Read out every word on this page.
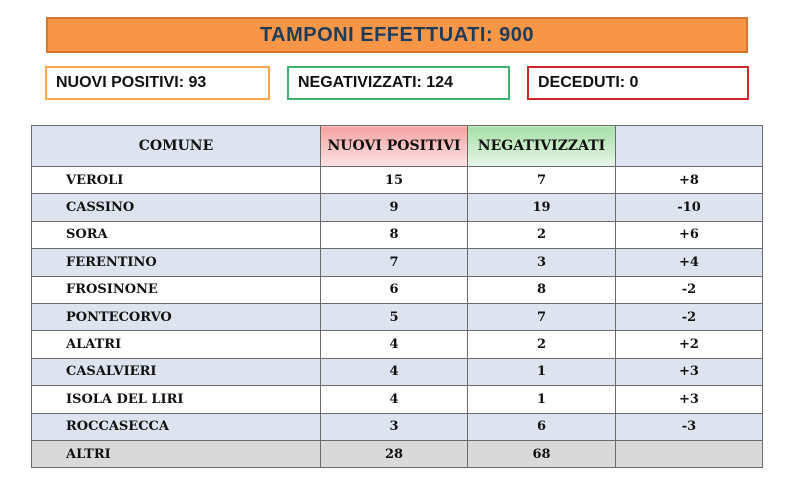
TAMPONI EFFETTUATI: 900
NUOVI POSITIVI: 93	NEGATIVIZZATI: 124	DECEDUTI: 0
COMUNE	NUOVI POSITIVI	NEGATIVIZZATI	
VEROLI	15	7	+8
CASSINO	9	19	-10
SORA	8	2	+6
FERENTINO	7	3	+4
FROSINONE	6	8	-2
PONTECORVO	5	7	-2
ALATRI	4	2	+2
CASALVIERI	4	1	+3
ISOLA DEL LIRI	4	1	+3
ROCCASECCA	3	6	-3
ALTRI	28	68	
